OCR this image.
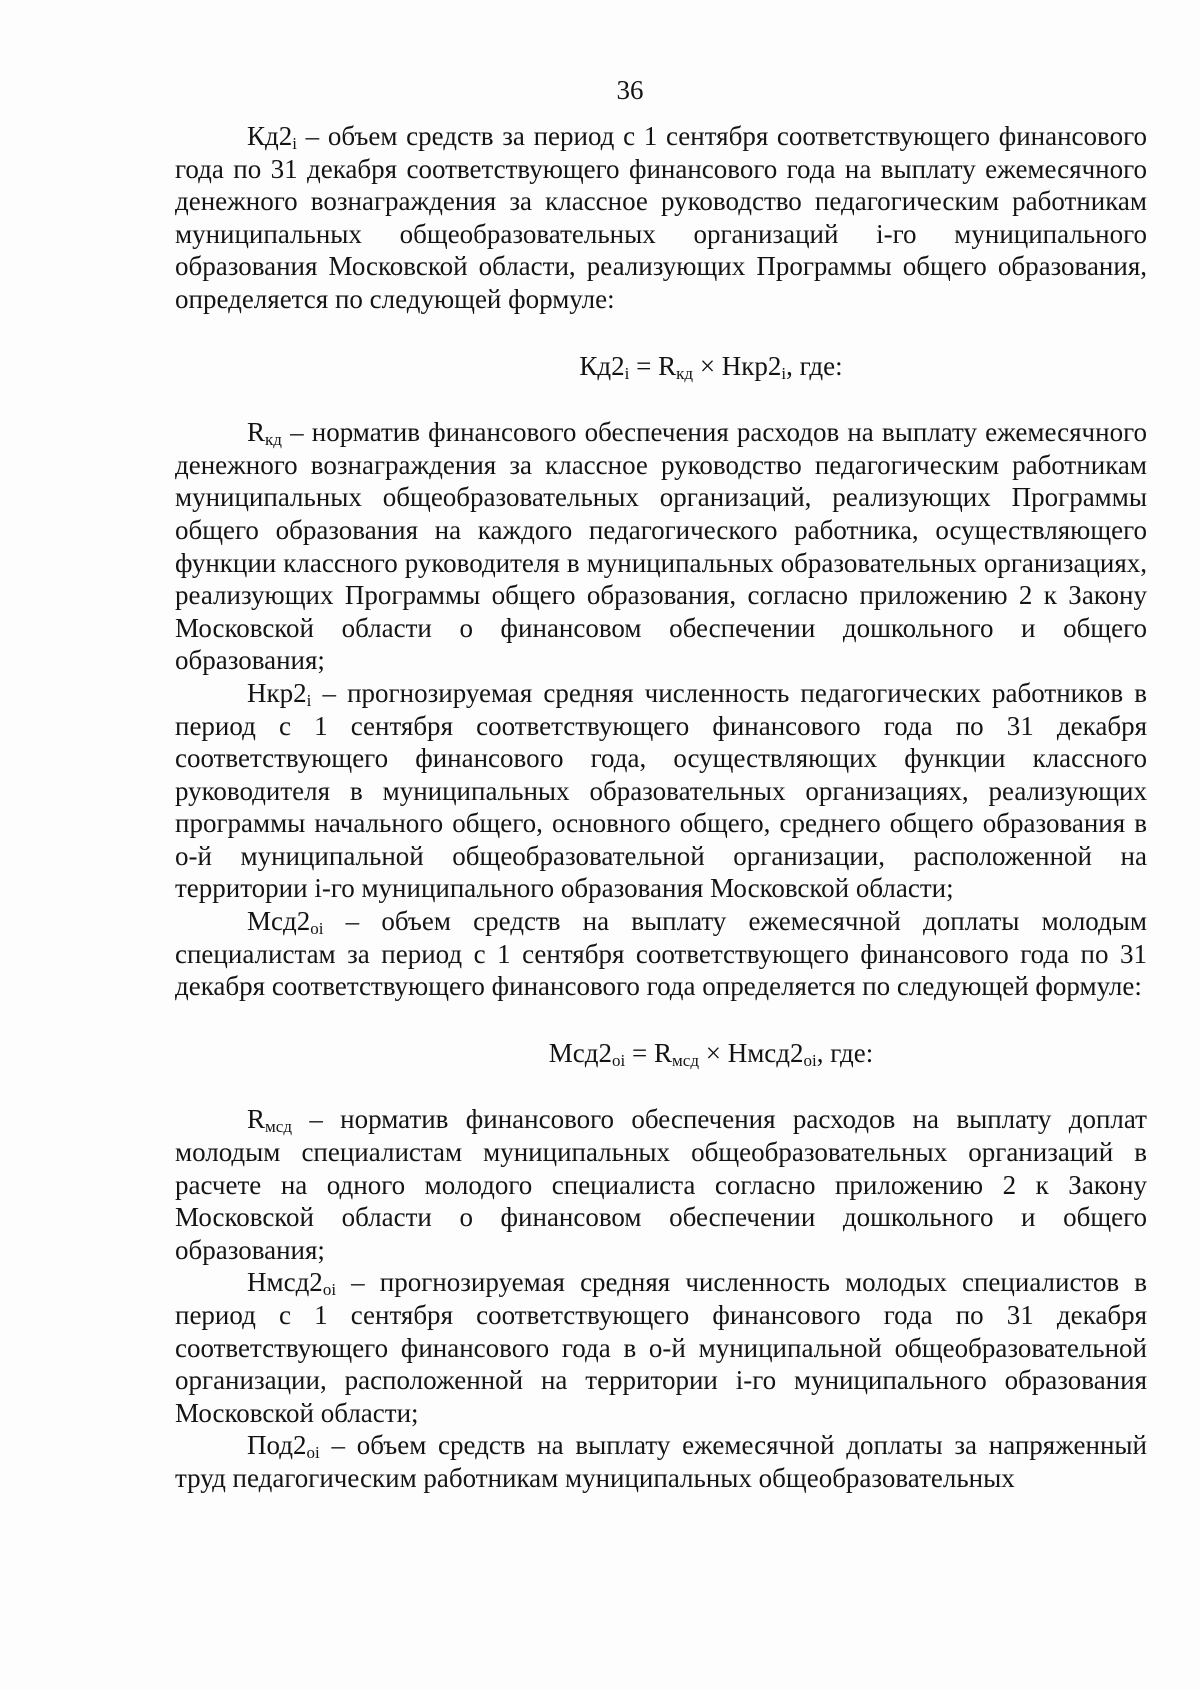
36

$Кд2_i$ – объем средств за период с 1 сентября соответствующего финансового года по 31 декабря соответствующего финансового года на выплату ежемесячного денежного вознаграждения за классное руководство педагогическим работникам муниципальных общеобразовательных организаций i-го муниципального образования Московской области, реализующих Программы общего образования, определяется по следующей формуле:

$Кд2_i = R_{кд} \times Нкр2_i$, где:

$R_{кд}$ – норматив финансового обеспечения расходов на выплату ежемесячного денежного вознаграждения за классное руководство педагогическим работникам муниципальных общеобразовательных организаций, реализующих Программы общего образования на каждого педагогического работника, осуществляющего функции классного руководителя в муниципальных образовательных организациях, реализующих Программы общего образования, согласно приложению 2 к Закону Московской области о финансовом обеспечении дошкольного и общего образования;

$Нкр2_i$ – прогнозируемая средняя численность педагогических работников в период с 1 сентября соответствующего финансового года по 31 декабря соответствующего финансового года, осуществляющих функции классного руководителя в муниципальных образовательных организациях, реализующих программы начального общего, основного общего, среднего общего образования в о-й муниципальной общеобразовательной организации, расположенной на территории i-го муниципального образования Московской области;

$Мсд2_{oi}$ – объем средств на выплату ежемесячной доплаты молодым специалистам за период с 1 сентября соответствующего финансового года по 31 декабря соответствующего финансового года определяется по следующей формуле:

$Мсд2_{oi} = R_{мсд}$ × $Нмсд2_{oi}$, где:

$R_{мсд}$ – норматив финансового обеспечения расходов на выплату доплат молодым специалистам муниципальных общеобразовательных организаций в расчете на одного молодого специалиста согласно приложению 2 к Закону Московской области о финансовом обеспечении дошкольного и общего образования;

$Нмсд2_{oi}$ – прогнозируемая средняя численность молодых специалистов в период с 1 сентября соответствующего финансового года по 31 декабря соответствующего финансового года в о-й муниципальной общеобразовательной организации, расположенной на территории i-го муниципального образования Московской области;

$Под2_{oi}$ – объем средств на выплату ежемесячной доплаты за напряженный труд педагогическим работникам муниципальных общеобразовательных
